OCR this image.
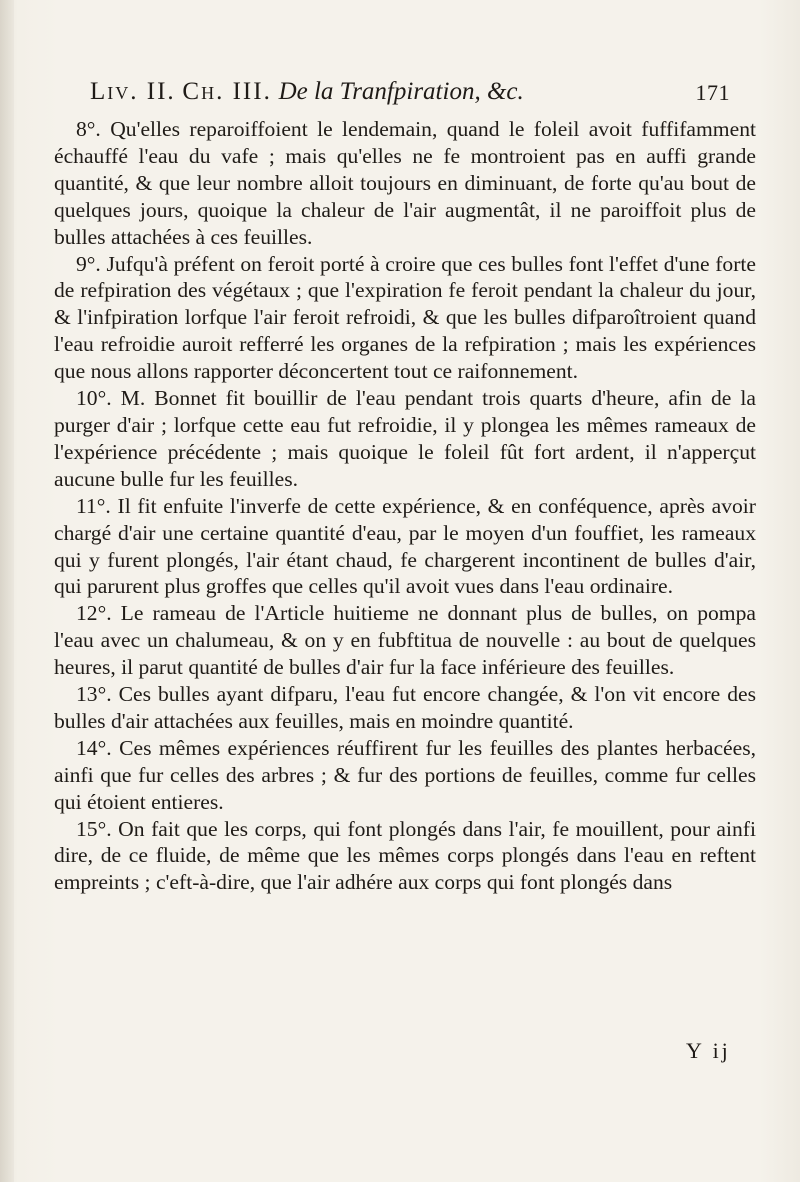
Liv. II. Ch. III. De la Tranfpiration, &c.	171

8°. Qu'elles reparoiffoient le lendemain, quand le foleil avoit fuffifamment échauffé l'eau du vafe ; mais qu'elles ne fe montroient pas en auffi grande quantité, & que leur nombre alloit toujours en diminuant, de forte qu'au bout de quelques jours, quoique la chaleur de l'air augmentât, il ne paroiffoit plus de bulles attachées à ces feuilles.

9°. Jufqu'à préfent on feroit porté à croire que ces bulles font l'effet d'une forte de refpiration des végétaux ; que l'expiration fe feroit pendant la chaleur du jour, & l'infpiration lorfque l'air feroit refroidi, & que les bulles difparoîtroient quand l'eau refroidie auroit refferré les organes de la refpiration ; mais les expériences que nous allons rapporter déconcertent tout ce raifonnement.

10°. M. Bonnet fit bouillir de l'eau pendant trois quarts d'heure, afin de la purger d'air ; lorfque cette eau fut refroidie, il y plongea les mêmes rameaux de l'expérience précédente ; mais quoique le foleil fût fort ardent, il n'apperçut aucune bulle fur les feuilles.

11°. Il fit enfuite l'inverfe de cette expérience, & en conféquence, après avoir chargé d'air une certaine quantité d'eau, par le moyen d'un fouffiet, les rameaux qui y furent plongés, l'air étant chaud, fe chargerent incontinent de bulles d'air, qui parurent plus groffes que celles qu'il avoit vues dans l'eau ordinaire.

12°. Le rameau de l'Article huitieme ne donnant plus de bulles, on pompa l'eau avec un chalumeau, & on y en fubftitua de nouvelle : au bout de quelques heures, il parut quantité de bulles d'air fur la face inférieure des feuilles.

13°. Ces bulles ayant difparu, l'eau fut encore changée, & l'on vit encore des bulles d'air attachées aux feuilles, mais en moindre quantité.

14°. Ces mêmes expériences réuffirent fur les feuilles des plantes herbacées, ainfi que fur celles des arbres ; & fur des portions de feuilles, comme fur celles qui étoient entieres.

15°. On fait que les corps, qui font plongés dans l'air, fe mouillent, pour ainfi dire, de ce fluide, de même que les mêmes corps plongés dans l'eau en reftent empreints ; c'eft-à-dire, que l'air adhére aux corps qui font plongés dans

Y ij
